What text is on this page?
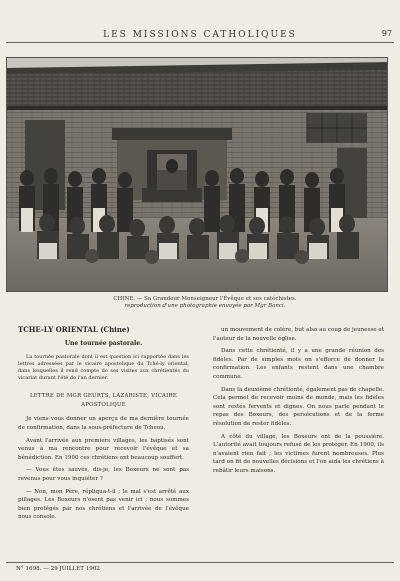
LES MISSIONS CATHOLIQUES	97
CHINE. — Sa Grandeur Monseigneur l'Évêque et ses catéchistes.
reproduction d'une photographie envoyée par Mgr Banci.

TCHE-LY ORIENTAL (Chine)

Une tournée pastorale.

La tournée pastorale dont il est question ici rapportée dans les lettres adressées par le vicaire apostolique du Tché-ly oriental, dans lesquelles il rend compte de ses visites aux chrétientés du vicariat durant l'été de l'an dernier.

LETTRE DE MGR GEURTS, LAZARISTE, VICAIRE APOSTOLIQUE

Je viens vous donner un aperçu de ma dernière tournée de confirmation, dans la sous-préfecture de Tcheou.

Avant l'arrivée aux premiers villages, les baptisés sont venus à ma rencontre pour recevoir l'évêque et sa bénédiction. En 1900 ces chrétiens ont beaucoup souffert.

— Vous êtes sauvés, dis-je, les Boxeurs ne sont pas revenus pour vous inquiéter ?

— Non, mon Père, répliqua-t-il ; le mal s'est arrêté aux pillages. Les Boxeurs n'osent pas venir ici ; nous sommes bien protégés par nos chrétiens et l'arrivée de l'évêque nous console.

un mouvement de colère, but also au coup de jeunesse et l'auteur de la nouvelle église.

Dans cette chrétienté, il y a une grande réunion des fidèles. Par de simples mots on s'efforce de donner la confirmation. Les enfants restent dans une chambre commune.

Dans la deuxième chrétienté, également pas de chapelle. Cela permet de recevoir moins de monde, mais les fidèles sont restés fervents et dignes. On nous parle pendant le repas des Boxeurs, des persécutions et de la ferme résolution de rester fidèles.

A côté du village, les Boxeurs ont de la poussière. L'autorité avait toujours refusé de les protéger. En 1900, ils n'avaient rien fait ; les victimes furent nombreuses. Plus tard on fit de nouvelles décisions et l'on aida les chrétiens à rebâtir leurs maisons.

N° 1698. — 29 JUILLET 1902
